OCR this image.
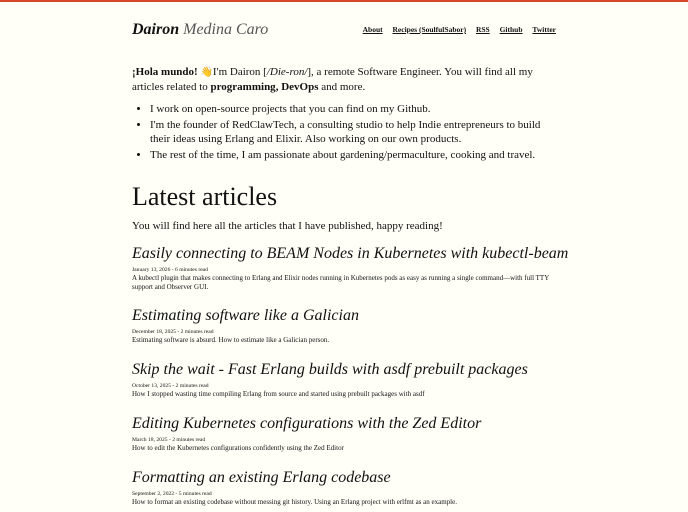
Dairon Medina Caro	About Recipes (SoulfulSabor) RSS Github Twitter

¡Hola mundo! 👋I'm Dairon [/Die-ron/], a remote Software Engineer. You will find all my articles related to programming, DevOps and more.

• I work on open-source projects that you can find on my Github.
• I'm the founder of RedClawTech, a consulting studio to help Indie entrepreneurs to build their ideas using Erlang and Elixir. Also working on our own products.
• The rest of the time, I am passionate about gardening/permaculture, cooking and travel.
Latest articles
You will find here all the articles that I have published, happy reading!
Easily connecting to BEAM Nodes in Kubernetes with kubectl-beam
January 13, 2026 - 6 minutes read
A kubectl plugin that makes connecting to Erlang and Elixir nodes running in Kubernetes pods as easy as running a single command—with full TTY support and Observer GUI.
Estimating software like a Galician
December 18, 2025 - 2 minutes read
Estimating software is absurd. How to estimate like a Galician person.
Skip the wait - Fast Erlang builds with asdf prebuilt packages
October 13, 2025 - 2 minutes read
How I stopped wasting time compiling Erlang from source and started using prebuilt packages with asdf
Editing Kubernetes configurations with the Zed Editor
March 18, 2025 - 2 minutes read
How to edit the Kubernetes configurations confidently using the Zed Editor
Formatting an existing Erlang codebase
September 2, 2022 - 5 minutes read
How to format an existing codebase without messing git history. Using an Erlang project with erlfmt as an example.
